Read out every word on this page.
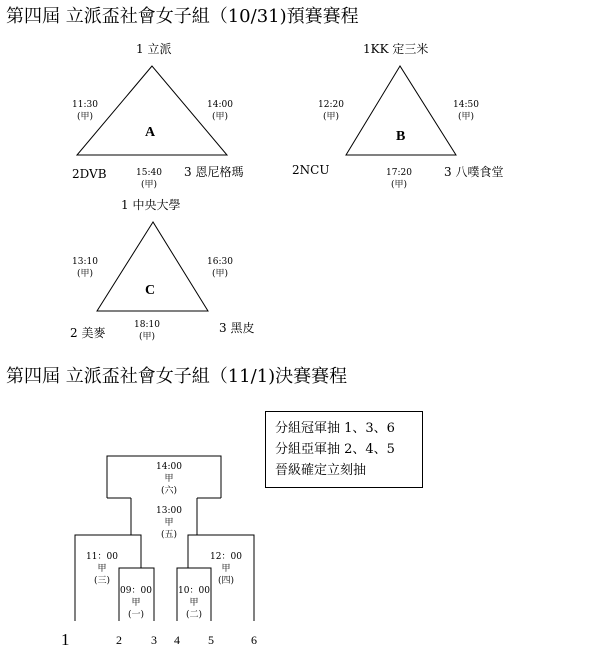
第四屆 立派盃社會女子組（10/31)預賽賽程
第四屆 立派盃社會女子組（11/1)決賽賽程
1 立派
2DVB	3 恩尼格瑪
A
11:30
(甲)
14:00
(甲)
15:40
(甲)
1KK 定三米
2NCU	3 八噗食堂
B
12:20
(甲)
14:50
(甲)
17:20
(甲)
1 中央大學
2 美麥	3 黑皮
C
13:10
(甲)
16:30
(甲)
18:10
(甲)
分組冠軍抽 1、3、6
分組亞軍抽 2、4、5
晉級確定立刻抽
14:00
甲
(六)
13:00
甲
(五)
11：00
甲
(三)
12：00
甲
(四)
09：00
甲
(一)
10：00
甲
(二)
1	2 3 4 5	6
